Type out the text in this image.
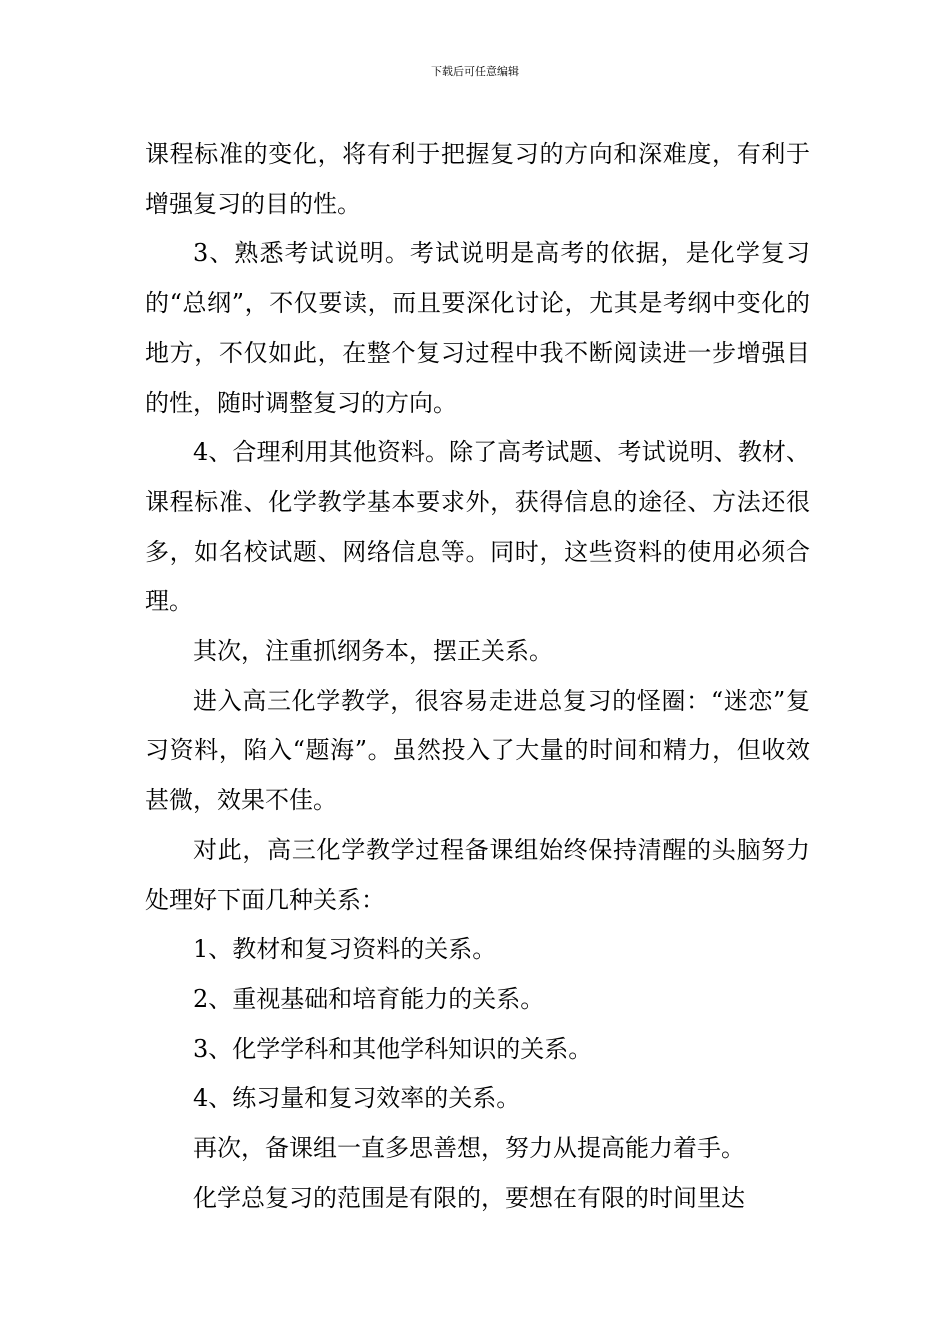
下载后可任意编辑

课程标准的变化，将有利于把握复习的方向和深难度，有利于增强复习的目的性。

3、熟悉考试说明。考试说明是高考的依据，是化学复习的“总纲”，不仅要读，而且要深化讨论，尤其是考纲中变化的地方，不仅如此，在整个复习过程中我不断阅读进一步增强目的性，随时调整复习的方向。

4、合理利用其他资料。除了高考试题、考试说明、教材、课程标准、化学教学基本要求外，获得信息的途径、方法还很多，如名校试题、网络信息等。同时，这些资料的使用必须合理。

其次，注重抓纲务本，摆正关系。

进入高三化学教学，很容易走进总复习的怪圈：“迷恋”复习资料，陷入“题海”。虽然投入了大量的时间和精力，但收效甚微，效果不佳。

对此，高三化学教学过程备课组始终保持清醒的头脑努力处理好下面几种关系：

1、教材和复习资料的关系。

2、重视基础和培育能力的关系。

3、化学学科和其他学科知识的关系。

4、练习量和复习效率的关系。

再次，备课组一直多思善想，努力从提高能力着手。

化学总复习的范围是有限的，要想在有限的时间里达
